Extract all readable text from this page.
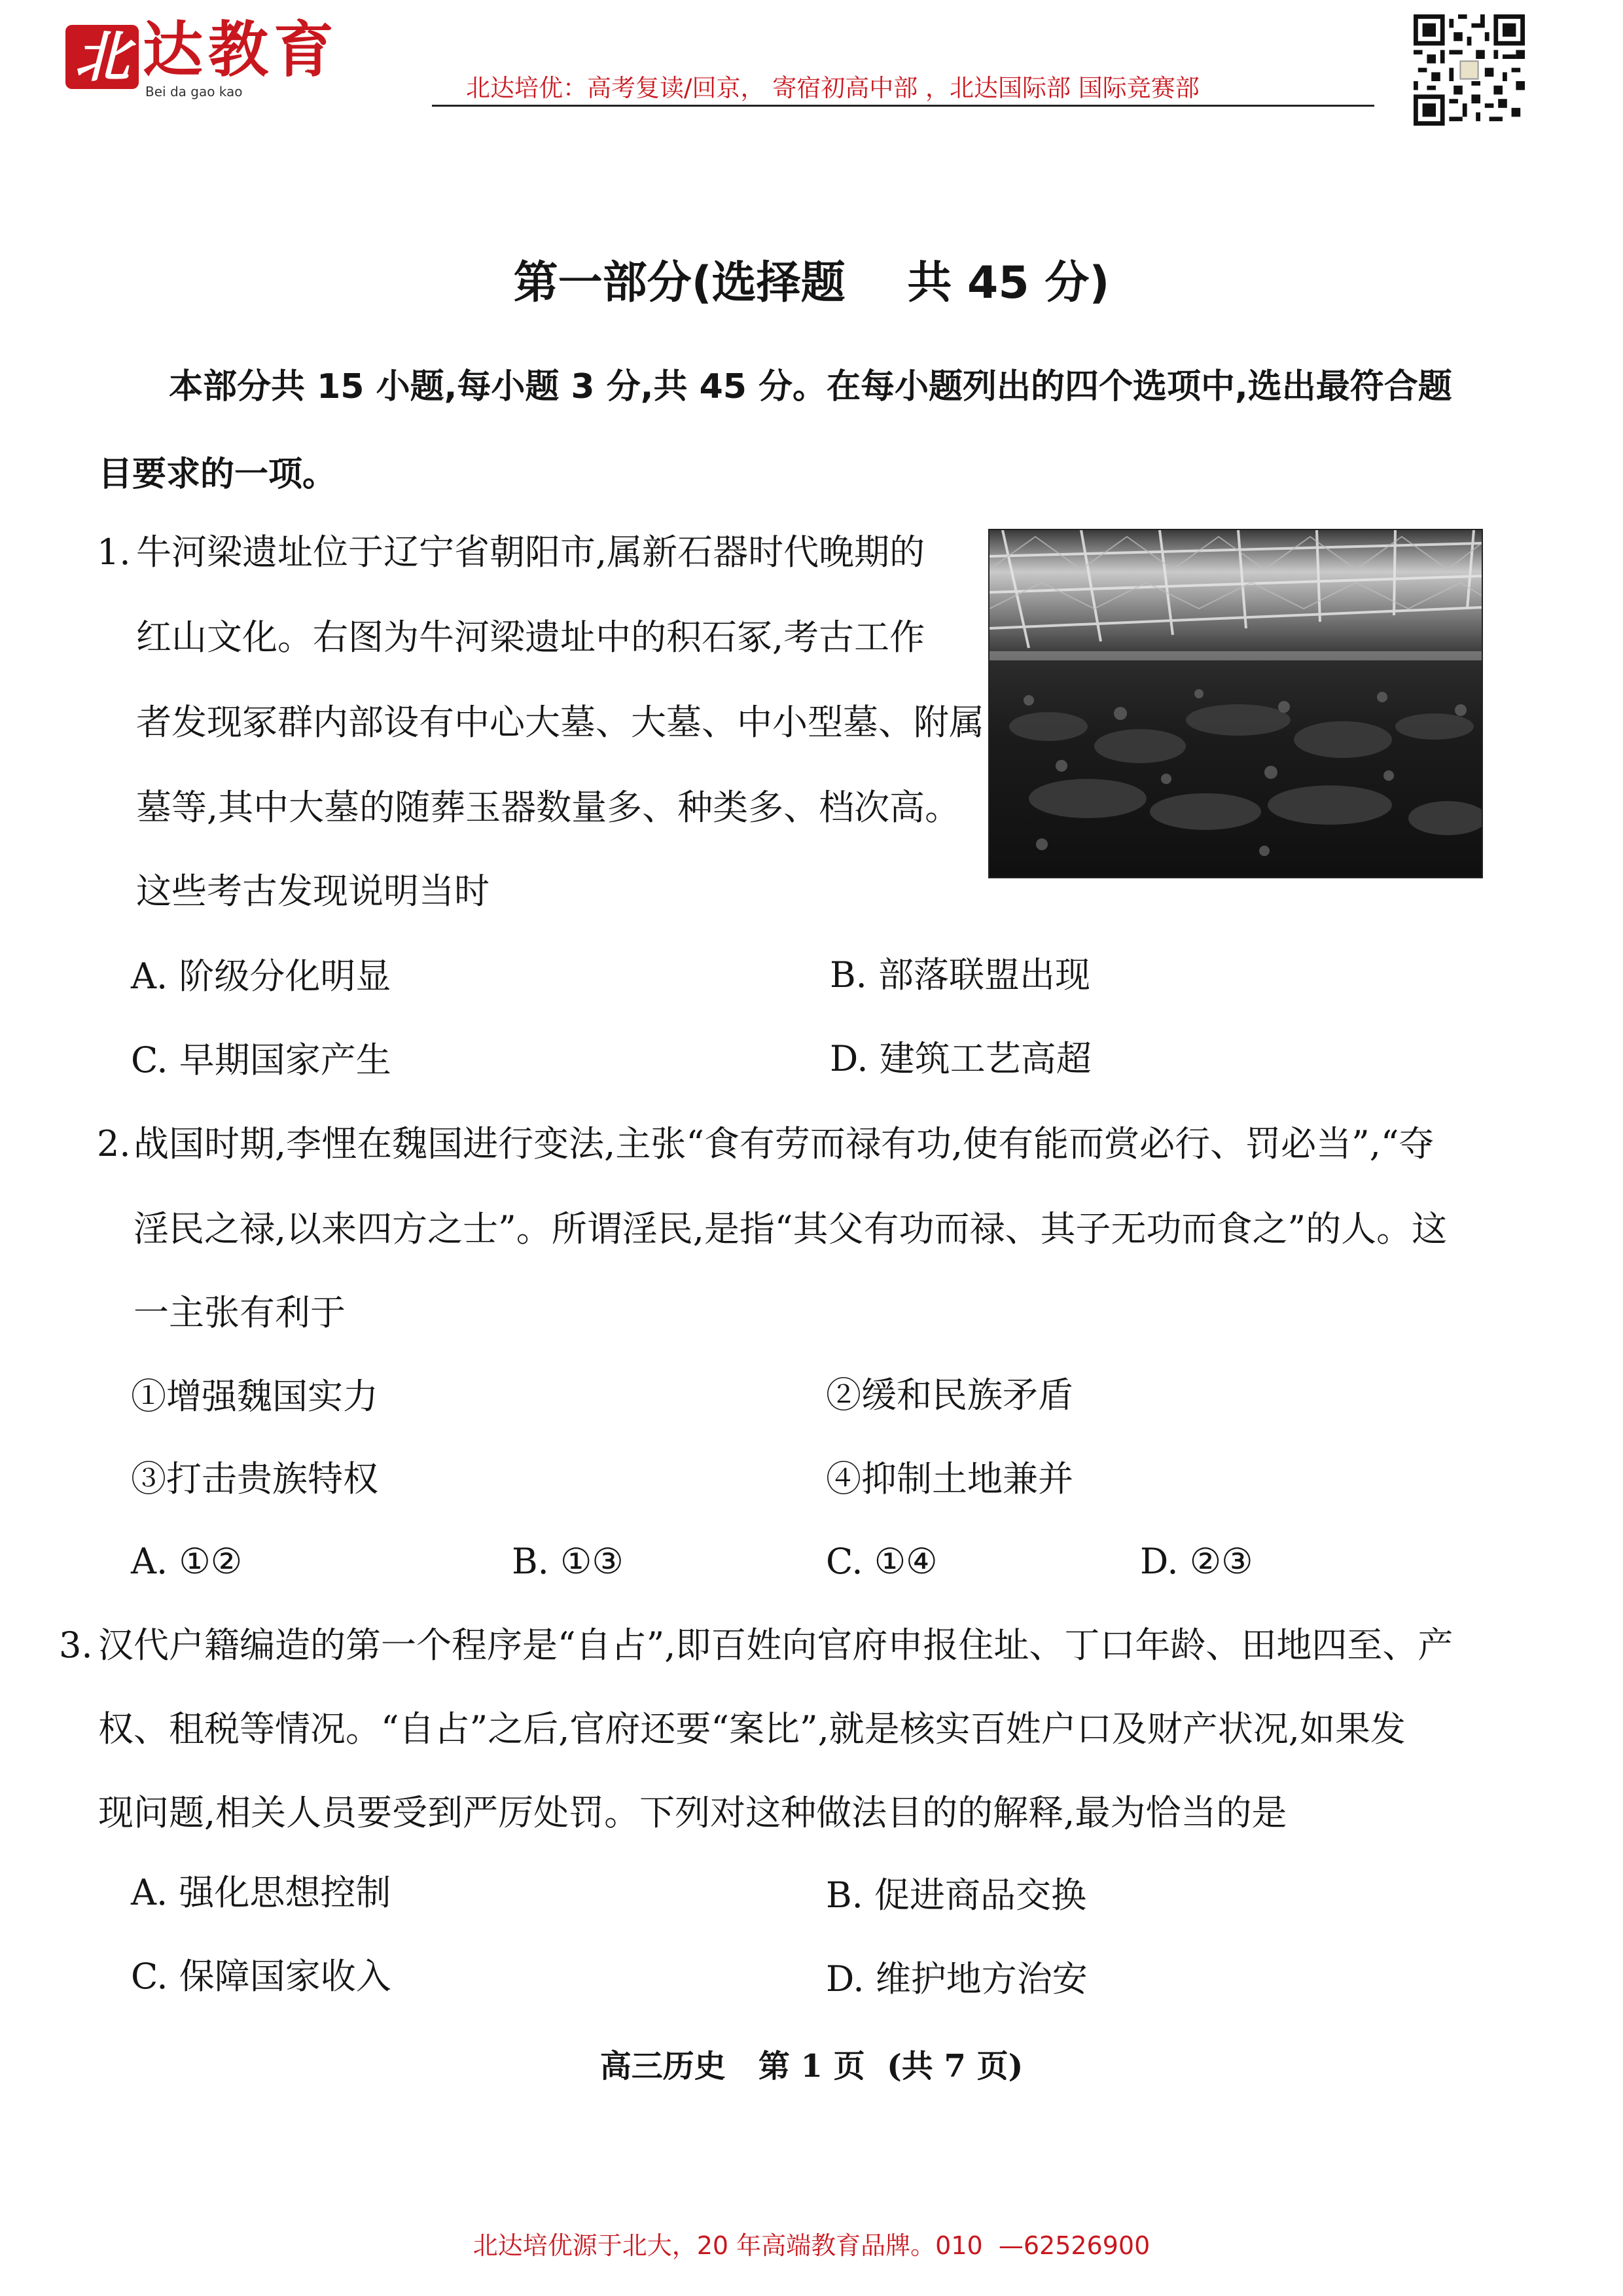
北 达教育
Bei da gao kao	北达培优：高考复读/回京， 寄宿初高中部 ，北达国际部 国际竞赛部
第一部分(选择题    共 45 分)
本部分共 15 小题,每小题 3 分,共 45 分。在每小题列出的四个选项中,选出最符合题
目要求的一项。
1. 牛河梁遗址位于辽宁省朝阳市,属新石器时代晚期的
红山文化。右图为牛河梁遗址中的积石冢,考古工作
者发现冢群内部设有中心大墓、大墓、中小型墓、附属
墓等,其中大墓的随葬玉器数量多、种类多、档次高。
这些考古发现说明当时
A. 阶级分化明显	B. 部落联盟出现
C. 早期国家产生	D. 建筑工艺高超
2. 战国时期,李悝在魏国进行变法,主张“食有劳而禄有功,使有能而赏必行、罚必当”,“夺
淫民之禄,以来四方之士”。所谓淫民,是指“其父有功而禄、其子无功而食之”的人。这
一主张有利于
①增强魏国实力	②缓和民族矛盾
③打击贵族特权	④抑制土地兼并
A. ①②	B. ①③	C. ①④	D. ②③
3. 汉代户籍编造的第一个程序是“自占”,即百姓向官府申报住址、丁口年龄、田地四至、产
权、租税等情况。“自占”之后,官府还要“案比”,就是核实百姓户口及财产状况,如果发
现问题,相关人员要受到严厉处罚。下列对这种做法目的的解释,最为恰当的是
A. 强化思想控制	B. 促进商品交换
C. 保障国家收入	D. 维护地方治安
高三历史   第 1 页  (共 7 页)
北达培优源于北大，20 年高端教育品牌。010  —62526900
